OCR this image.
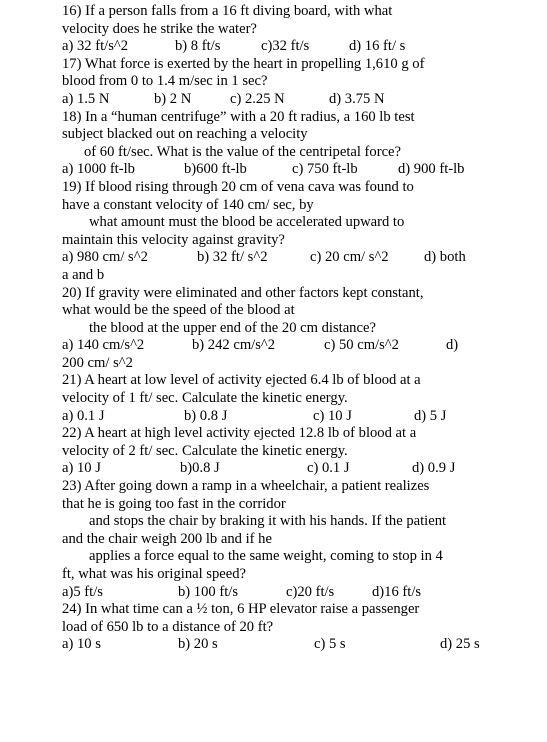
16) If a person falls from a 16 ft diving board, with what
velocity does he strike the water?

a) 32 ft/s^2

	b) 8 ft/s

	c)32 ft/s

	d) 16 ft/ s

17) What force is exerted by the heart in propelling 1,610 g of
blood from 0 to 1.4 m/sec in 1 sec?

a) 1.5 N

	b) 2 N

	c) 2.25 N

	d) 3.75 N

18) In a “human centrifuge” with a 20 ft radius, a 160 lb test
subject blacked out on reaching a velocity
of 60 ft/sec. What is the value of the centripetal force?

a) 1000 ft-lb

	b)600 ft-lb

	c) 750 ft-lb

	d) 900 ft-lb

19) If blood rising through 20 cm of vena cava was found to
have a constant velocity of 140 cm/ sec, by
what amount must the blood be accelerated upward to
maintain this velocity against gravity?

a) 980 cm/ s^2

	b) 32 ft/ s^2

	c) 20 cm/ s^2

d) both

a and b
20) If gravity were eliminated and other factors kept constant,
what would be the speed of the blood at
the blood at the upper end of the 20 cm distance?

a) 140 cm/s^2

	b) 242 cm/s^2

	c) 50 cm/s^2

	d)

200 cm/ s^2
21) A heart at low level of activity ejected 6.4 lb of blood at a
velocity of 1 ft/ sec. Calculate the kinetic energy.

a) 0.1 J

	b) 0.8 J

	c) 10 J

	d) 5 J

22) A heart at high level activity ejected 12.8 lb of blood at a
velocity of 2 ft/ sec. Calculate the kinetic energy.

a) 10 J

	b)0.8 J

	c) 0.1 J

	d) 0.9 J

23) After going down a ramp in a wheelchair, a patient realizes
that he is going too fast in the corridor
and stops the chair by braking it with his hands. If the patient
and the chair weigh 200 lb and if he
applies a force equal to the same weight, coming to stop in 4
ft, what was his original speed?

a)5 ft/s

	b) 100 ft/s

	c)20 ft/s

	d)16 ft/s

24) In what time can a ½ ton, 6 HP elevator raise a passenger
load of 650 lb to a distance of 20 ft?

a) 10 s

	b) 20 s

	c) 5 s

	d) 25 s
